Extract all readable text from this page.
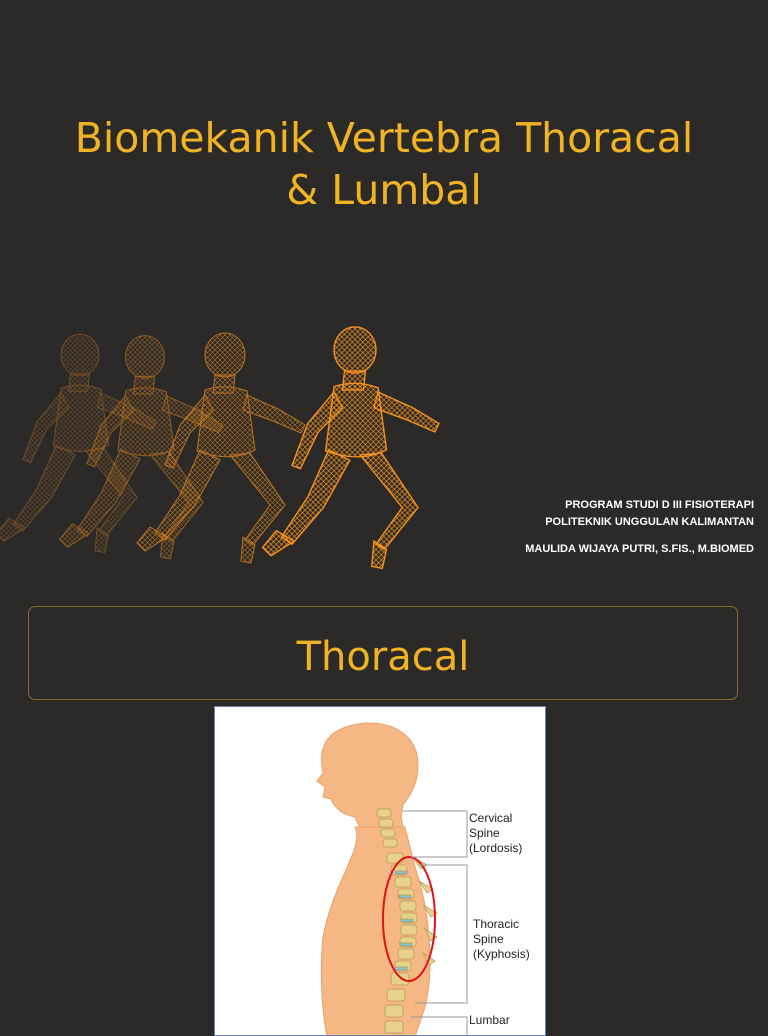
Biomekanik Vertebra Thoracal
& Lumbal
PROGRAM STUDI D III FISIOTERAPI
POLITEKNIK UNGGULAN KALIMANTAN
MAULIDA WIJAYA PUTRI, S.FIS., M.BIOMED
Thoracal
Cervical
Spine
(Lordosis)
Thoracic
Spine
(Kyphosis)
Lumbar
